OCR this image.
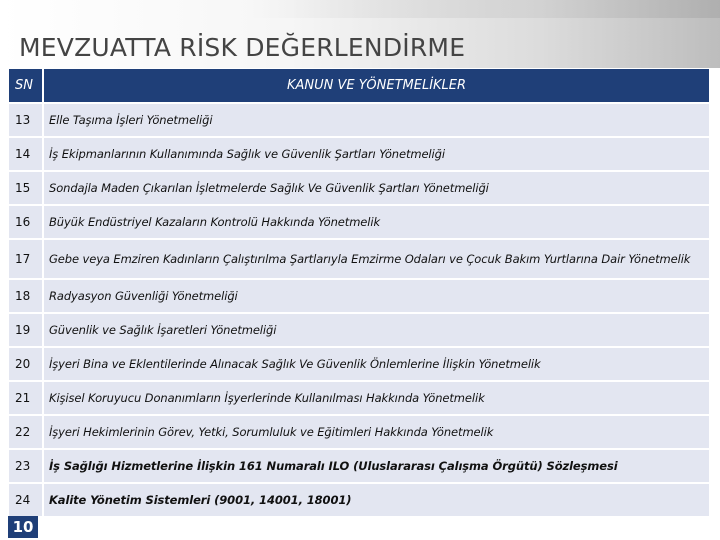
MEVZUATTA RİSK DEĞERLENDİRME
SN	KANUN VE YÖNETMELİKLER
13	Elle Taşıma İşleri Yönetmeliği
14	İş Ekipmanlarının Kullanımında Sağlık ve Güvenlik Şartları Yönetmeliği
15	Sondajla Maden Çıkarılan İşletmelerde Sağlık Ve Güvenlik Şartları Yönetmeliği
16	Büyük Endüstriyel Kazaların Kontrolü Hakkında Yönetmelik
17	Gebe veya Emziren Kadınların Çalıştırılma Şartlarıyla Emzirme Odaları ve Çocuk Bakım Yurtlarına Dair Yönetmelik
18	Radyasyon Güvenliği Yönetmeliği
19	Güvenlik ve Sağlık İşaretleri Yönetmeliği
20	İşyeri Bina ve Eklentilerinde Alınacak Sağlık Ve Güvenlik Önlemlerine İlişkin Yönetmelik
21	Kişisel Koruyucu Donanımların İşyerlerinde Kullanılması Hakkında Yönetmelik
22	İşyeri Hekimlerinin Görev, Yetki, Sorumluluk ve Eğitimleri Hakkında Yönetmelik
23	İş Sağlığı Hizmetlerine İlişkin 161 Numaralı ILO (Uluslararası Çalışma Örgütü) Sözleşmesi
24	Kalite Yönetim Sistemleri (9001, 14001, 18001)
10
